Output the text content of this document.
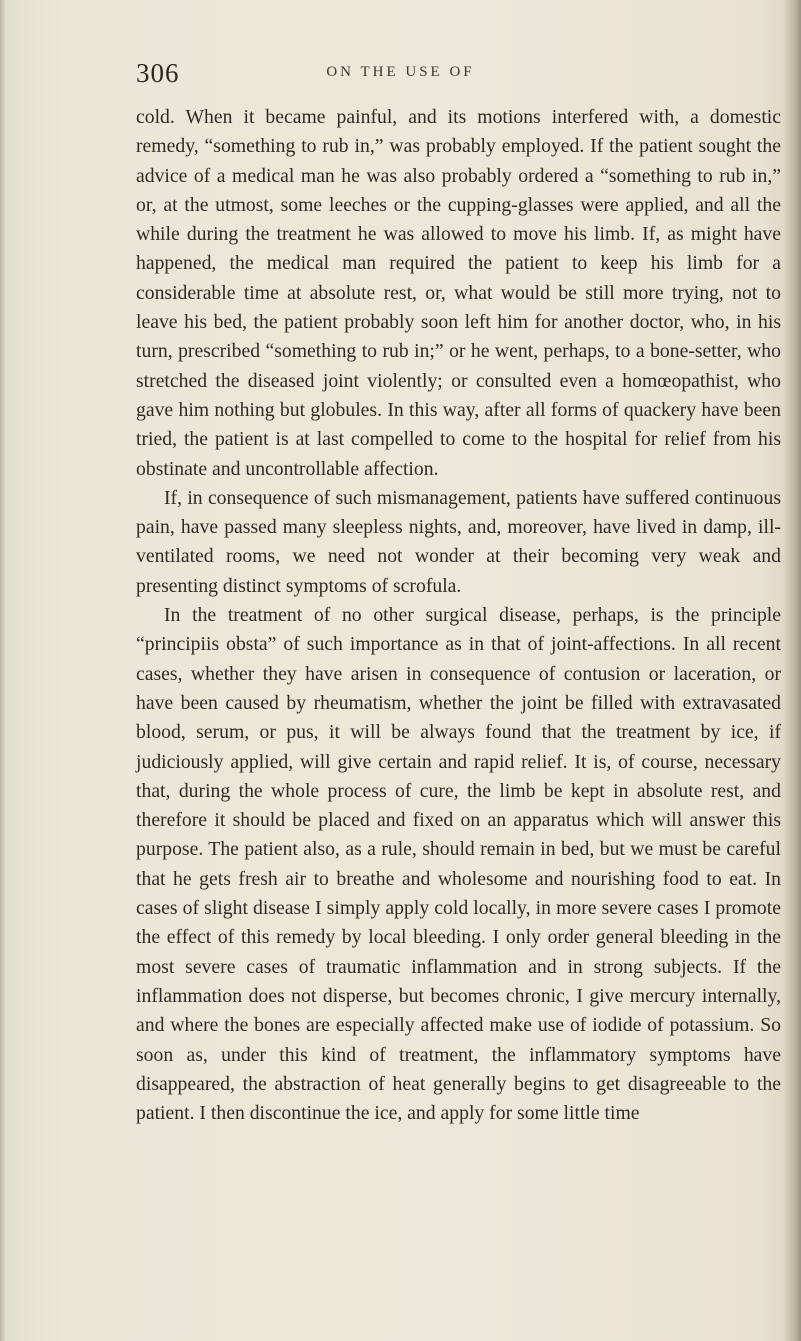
306	ON THE USE OF

cold. When it became painful, and its motions interfered with, a domestic remedy, “something to rub in,” was probably employed. If the patient sought the advice of a medical man he was also probably ordered a “something to rub in,” or, at the utmost, some leeches or the cupping-glasses were applied, and all the while during the treatment he was allowed to move his limb. If, as might have happened, the medical man required the patient to keep his limb for a considerable time at absolute rest, or, what would be still more trying, not to leave his bed, the patient probably soon left him for another doctor, who, in his turn, prescribed “something to rub in;” or he went, perhaps, to a bone-setter, who stretched the diseased joint violently; or consulted even a homœopathist, who gave him nothing but globules. In this way, after all forms of quackery have been tried, the patient is at last compelled to come to the hospital for relief from his obstinate and uncontrollable affection.

If, in consequence of such mismanagement, patients have suffered continuous pain, have passed many sleepless nights, and, moreover, have lived in damp, ill-ventilated rooms, we need not wonder at their becoming very weak and presenting distinct symptoms of scrofula.

In the treatment of no other surgical disease, perhaps, is the principle “principiis obsta” of such importance as in that of joint-affections. In all recent cases, whether they have arisen in consequence of contusion or laceration, or have been caused by rheumatism, whether the joint be filled with extravasated blood, serum, or pus, it will be always found that the treatment by ice, if judiciously applied, will give certain and rapid relief. It is, of course, necessary that, during the whole process of cure, the limb be kept in absolute rest, and therefore it should be placed and fixed on an apparatus which will answer this purpose. The patient also, as a rule, should remain in bed, but we must be careful that he gets fresh air to breathe and wholesome and nourishing food to eat. In cases of slight disease I simply apply cold locally, in more severe cases I promote the effect of this remedy by local bleeding. I only order general bleeding in the most severe cases of traumatic inflammation and in strong subjects. If the inflammation does not disperse, but becomes chronic, I give mercury internally, and where the bones are especially affected make use of iodide of potassium. So soon as, under this kind of treatment, the inflammatory symptoms have disappeared, the abstraction of heat generally begins to get disagreeable to the patient. I then discontinue the ice, and apply for some little time
